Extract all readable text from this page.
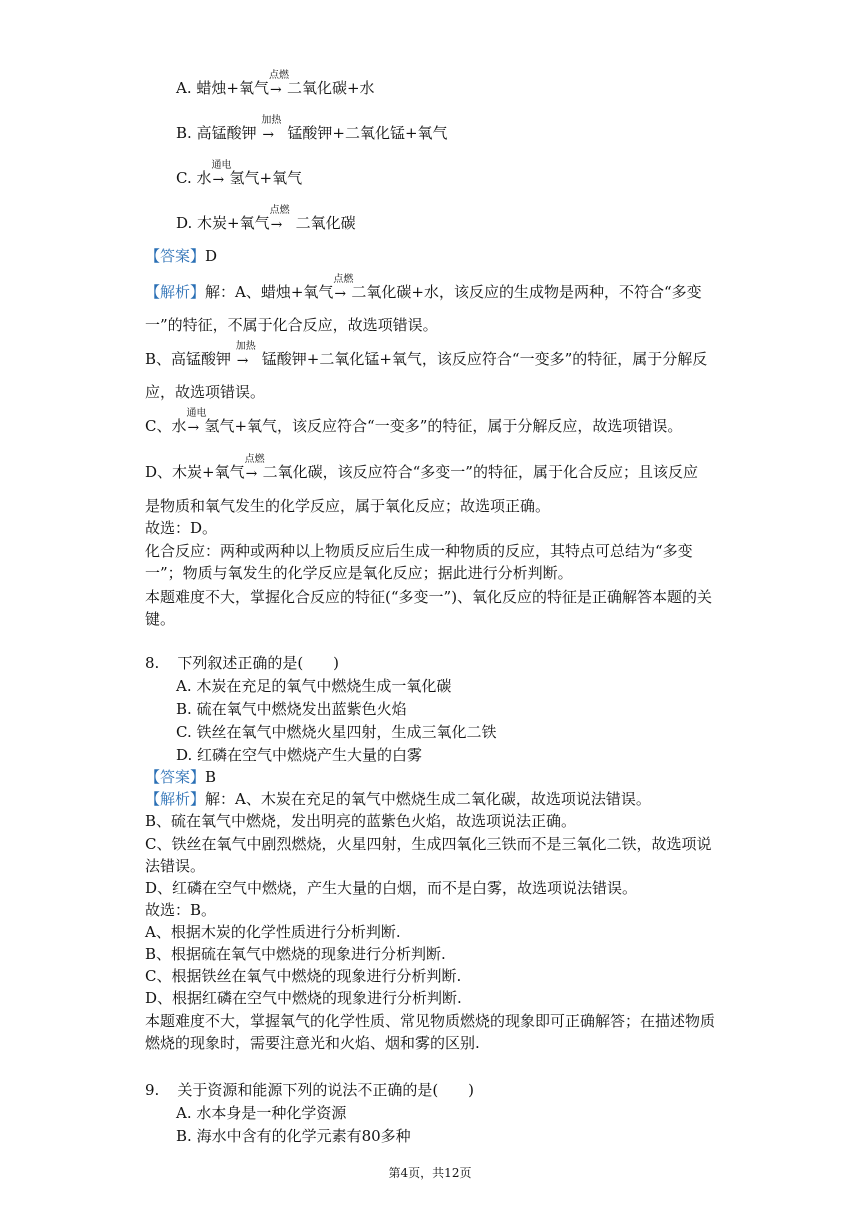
A. 蜡烛+氧气
点燃
→ 二氧化碳+水
B. 高锰酸钾
加热
→ 锰酸钾+二氧化锰+氧气
C. 水
通电
→ 氢气+氧气
D. 木炭+氧气
点燃
→ 二氧化碳
【答案】D
【解析】解：A、蜡烛+氧气
点燃
→ 二氧化碳+水，该反应的生成物是两种，不符合“多变
一”的特征，不属于化合反应，故选项错误。
B、高锰酸钾
加热
→ 锰酸钾+二氧化锰+氧气，该反应符合“一变多”的特征，属于分解反
应，故选项错误。
C、水
通电
→ 氢气+氧气，该反应符合“一变多”的特征，属于分解反应，故选项错误。
D、木炭+氧气
点燃
→ 二氧化碳，该反应符合“多变一”的特征，属于化合反应；且该反应
是物质和氧气发生的化学反应，属于氧化反应；故选项正确。
故选：D。
化合反应：两种或两种以上物质反应后生成一种物质的反应，其特点可总结为“多变一”；物质与氧发生的化学反应是氧化反应；据此进行分析判断。
本题难度不大，掌握化合反应的特征(“多变一”)、氧化反应的特征是正确解答本题的关键。
8. 下列叙述正确的是(　　)
A. 木炭在充足的氧气中燃烧生成一氧化碳
B. 硫在氧气中燃烧发出蓝紫色火焰
C. 铁丝在氧气中燃烧火星四射，生成三氧化二铁
D. 红磷在空气中燃烧产生大量的白雾
【答案】B
【解析】解：A、木炭在充足的氧气中燃烧生成二氧化碳，故选项说法错误。
B、硫在氧气中燃烧，发出明亮的蓝紫色火焰，故选项说法正确。
C、铁丝在氧气中剧烈燃烧，火星四射，生成四氧化三铁而不是三氧化二铁，故选项说法错误。
D、红磷在空气中燃烧，产生大量的白烟，而不是白雾，故选项说法错误。
故选：B。
A、根据木炭的化学性质进行分析判断.
B、根据硫在氧气中燃烧的现象进行分析判断.
C、根据铁丝在氧气中燃烧的现象进行分析判断.
D、根据红磷在空气中燃烧的现象进行分析判断.
本题难度不大，掌握氧气的化学性质、常见物质燃烧的现象即可正确解答；在描述物质燃烧的现象时，需要注意光和火焰、烟和雾的区别.
9. 关于资源和能源下列的说法不正确的是(　　)
A. 水本身是一种化学资源
B. 海水中含有的化学元素有80多种
第4页，共12页
